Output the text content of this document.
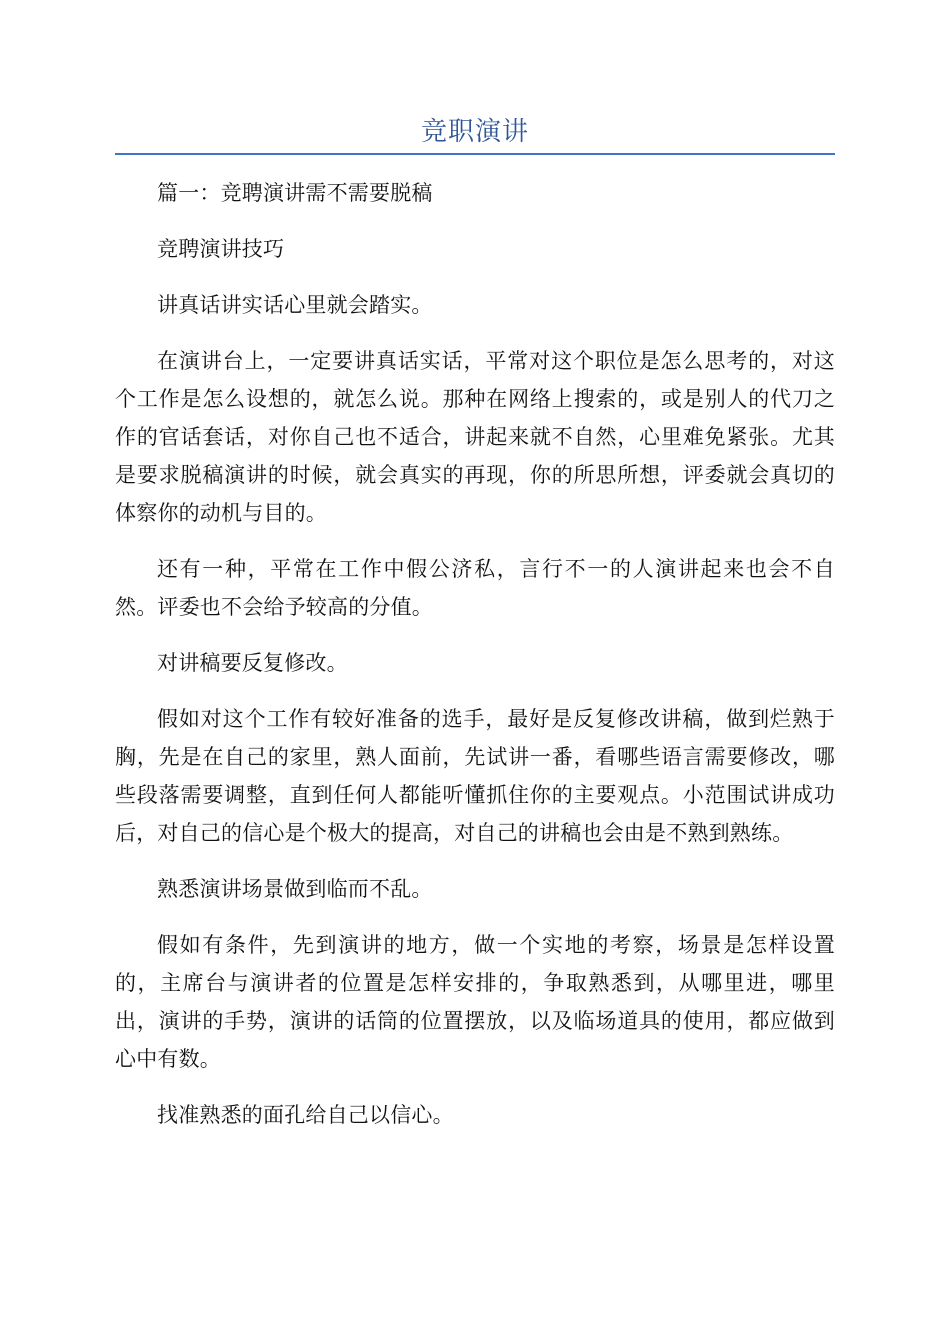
竞职演讲

篇一：竞聘演讲需不需要脱稿

竞聘演讲技巧

讲真话讲实话心里就会踏实。

在演讲台上，一定要讲真话实话，平常对这个职位是怎么思考的，对这个工作是怎么设想的，就怎么说。那种在网络上搜索的，或是别人的代刀之作的官话套话，对你自己也不适合，讲起来就不自然，心里难免紧张。尤其是要求脱稿演讲的时候，就会真实的再现，你的所思所想，评委就会真切的体察你的动机与目的。

还有一种，平常在工作中假公济私，言行不一的人演讲起来也会不自然。评委也不会给予较高的分值。

对讲稿要反复修改。

假如对这个工作有较好准备的选手，最好是反复修改讲稿，做到烂熟于胸，先是在自己的家里，熟人面前，先试讲一番，看哪些语言需要修改，哪些段落需要调整，直到任何人都能听懂抓住你的主要观点。小范围试讲成功后，对自己的信心是个极大的提高，对自己的讲稿也会由是不熟到熟练。

熟悉演讲场景做到临而不乱。

假如有条件，先到演讲的地方，做一个实地的考察，场景是怎样设置的，主席台与演讲者的位置是怎样安排的，争取熟悉到，从哪里进，哪里出，演讲的手势，演讲的话筒的位置摆放，以及临场道具的使用，都应做到心中有数。

找准熟悉的面孔给自己以信心。
